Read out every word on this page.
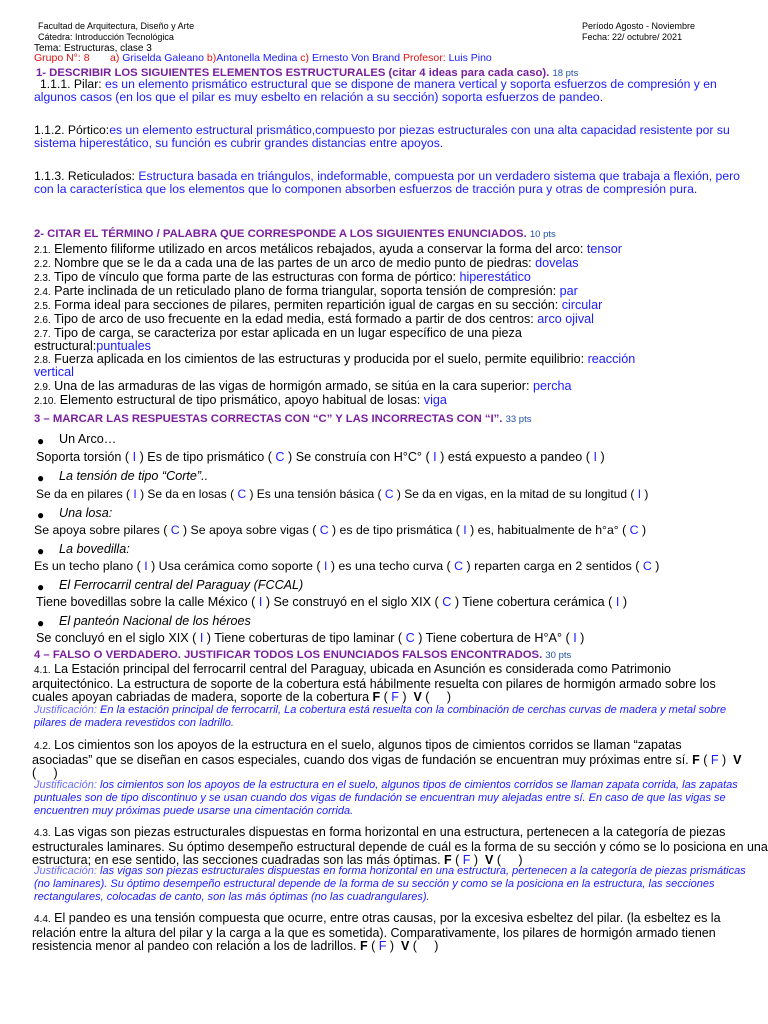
Facultad de Arquitectura, Diseño y Arte
Cátedra: Introducción Tecnológica
Período Agosto - Noviembre
Fecha: 22/ octubre/ 2021
Tema: Estructuras, clase 3
Grupo N°: 8 a) Griselda Galeano b)Antonella Medina c) Ernesto Von Brand Profesor: Luis Pino
1- DESCRIBIR LOS SIGUIENTES ELEMENTOS ESTRUCTURALES (citar 4 ideas para cada caso). 18 pts
1.1.1. Pilar: es un elemento prismático estructural que se dispone de manera vertical y soporta esfuerzos de compresión y en algunos casos (en los que el pilar es muy esbelto en relación a su sección) soporta esfuerzos de pandeo.
1.1.2. Pórtico:es un elemento estructural prismático,compuesto por piezas estructurales con una alta capacidad resistente por su sistema hiperestático, su función es cubrir grandes distancias entre apoyos.
1.1.3. Reticulados: Estructura basada en triángulos, indeformable, compuesta por un verdadero sistema que trabaja a flexión, pero con la característica que los elementos que lo componen absorben esfuerzos de tracción pura y otras de compresión pura.
2- CITAR EL TÉRMINO / PALABRA QUE CORRESPONDE A LOS SIGUIENTES ENUNCIADOS. 10 pts
2.1. Elemento filiforme utilizado en arcos metálicos rebajados, ayuda a conservar la forma del arco: tensor
2.2. Nombre que se le da a cada una de las partes de un arco de medio punto de piedras: dovelas
2.3. Tipo de vínculo que forma parte de las estructuras con forma de pórtico: hiperestático
2.4. Parte inclinada de un reticulado plano de forma triangular, soporta tensión de compresión: par
2.5. Forma ideal para secciones de pilares, permiten repartición igual de cargas en su sección: circular
2.6. Tipo de arco de uso frecuente en la edad media, está formado a partir de dos centros: arco ojival
2.7. Tipo de carga, se caracteriza por estar aplicada en un lugar específico de una pieza
estructural:puntuales
2.8. Fuerza aplicada en los cimientos de las estructuras y producida por el suelo, permite equilibrio: reacción
vertical
2.9. Una de las armaduras de las vigas de hormigón armado, se sitúa en la cara superior: percha
2.10. Elemento estructural de tipo prismático, apoyo habitual de losas: viga
3 – MARCAR LAS RESPUESTAS CORRECTAS CON “C” Y LAS INCORRECTAS CON “I”. 33 pts
● Un Arco…
Soporta torsión ( I ) Es de tipo prismático ( C ) Se construía con H°C° ( I ) está expuesto a pandeo ( I )
● La tensión de tipo “Corte”..
Se da en pilares ( I ) Se da en losas ( C ) Es una tensión básica ( C ) Se da en vigas, en la mitad de su longitud ( I )
● Una losa:
Se apoya sobre pilares ( C ) Se apoya sobre vigas ( C ) es de tipo prismática ( I ) es, habitualmente de h°a° ( C )
● La bovedilla:
Es un techo plano ( I ) Usa cerámica como soporte ( I ) es una techo curva ( C ) reparten carga en 2 sentidos ( C )
● El Ferrocarril central del Paraguay (FCCAL)
Tiene bovedillas sobre la calle México ( I ) Se construyó en el siglo XIX ( C ) Tiene cobertura cerámica ( I )
● El panteón Nacional de los héroes
Se concluyó en el siglo XIX ( I ) Tiene coberturas de tipo laminar ( C ) Tiene cobertura de H°A° ( I )
4 – FALSO O VERDADERO. JUSTIFICAR TODOS LOS ENUNCIADOS FALSOS ENCONTRADOS. 30 pts
4.1. La Estación principal del ferrocarril central del Paraguay, ubicada en Asunción es considerada como Patrimonio arquitectónico. La estructura de soporte de la cobertura está hábilmente resuelta con pilares de hormigón armado sobre los cuales apoyan cabriadas de madera, soporte de la cobertura F ( F )  V (     )
Justificación: En la estación principal de ferrocarril, La cobertura está resuelta con la combinación de cerchas curvas de madera y metal sobre pilares de madera revestidos con ladrillo.
4.2. Los cimientos son los apoyos de la estructura en el suelo, algunos tipos de cimientos corridos se llaman “zapatas asociadas” que se diseñan en casos especiales, cuando dos vigas de fundación se encuentran muy próximas entre sí. F ( F )  V (     )
Justificación: los cimientos son los apoyos de la estructura en el suelo, algunos tipos de cimientos corridos se llaman zapata corrida, las zapatas puntuales son de tipo discontinuo y se usan cuando dos vigas de fundación se encuentran muy alejadas entre sí. En caso de que las vigas se encuentren muy próximas puede usarse una cimentación corrida.
4.3. Las vigas son piezas estructurales dispuestas en forma horizontal en una estructura, pertenecen a la categoría de piezas estructurales laminares. Su óptimo desempeño estructural depende de cuál es la forma de su sección y cómo se lo posiciona en una estructura; en ese sentido, las secciones cuadradas son las más óptimas. F ( F )  V (     )
Justificación: las vigas son piezas estructurales dispuestas en forma horizontal en una estructura, pertenecen a la categoría de piezas prismáticas (no laminares). Su óptimo desempeño estructural depende de la forma de su sección y como se la posiciona en la estructura, las secciones rectangulares, colocadas de canto, son las más óptimas (no las cuadrangulares).
4.4. El pandeo es una tensión compuesta que ocurre, entre otras causas, por la excesiva esbeltez del pilar. (la esbeltez es la relación entre la altura del pilar y la carga a la que es sometida). Comparativamente, los pilares de hormigón armado tienen resistencia menor al pandeo con relación a los de ladrillos. F ( F )  V (     )
